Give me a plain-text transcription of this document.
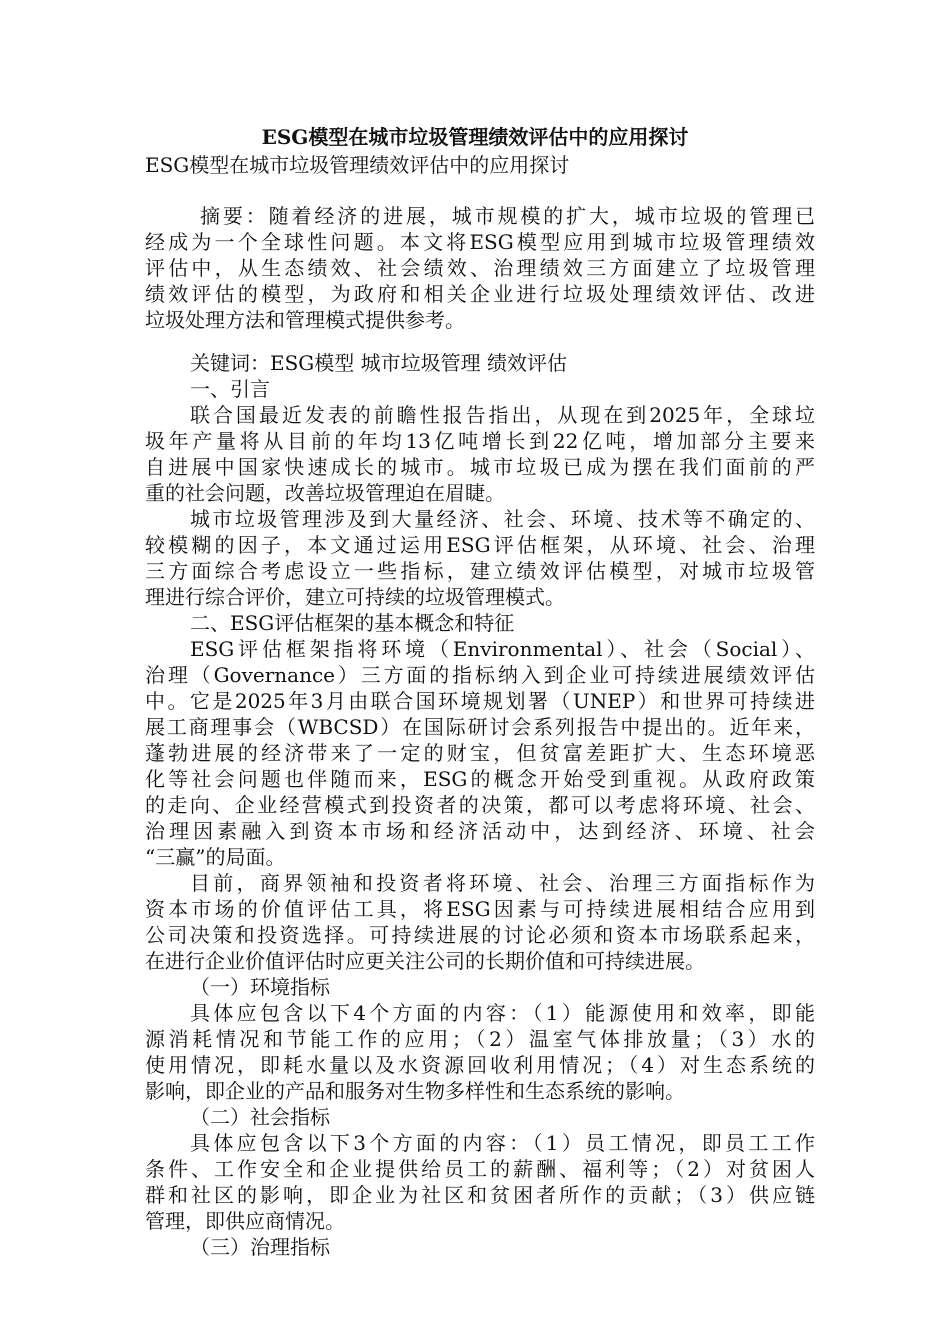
ESG模型在城市垃圾管理绩效评估中的应用探讨
ESG模型在城市垃圾管理绩效评估中的应用探讨
摘要：随着经济的进展，城市规模的扩大，城市垃圾的管理已
经成为一个全球性问题。本文将ESG模型应用到城市垃圾管理绩效
评估中，从生态绩效、社会绩效、治理绩效三方面建立了垃圾管理
绩效评估的模型，为政府和相关企业进行垃圾处理绩效评估、改进
垃圾处理方法和管理模式提供参考。
关键词：ESG模型 城市垃圾管理 绩效评估
一、引言
联合国最近发表的前瞻性报告指出，从现在到2025年，全球垃
圾年产量将从目前的年均13亿吨增长到22亿吨，增加部分主要来
自进展中国家快速成长的城市。城市垃圾已成为摆在我们面前的严
重的社会问题，改善垃圾管理迫在眉睫。
城市垃圾管理涉及到大量经济、社会、环境、技术等不确定的、
较模糊的因子，本文通过运用ESG评估框架，从环境、社会、治理
三方面综合考虑设立一些指标，建立绩效评估模型，对城市垃圾管
理进行综合评价，建立可持续的垃圾管理模式。
二、ESG评估框架的基本概念和特征
ESG评估框架指将环境（Environmental）、社会（Social）、
治理（Governance）三方面的指标纳入到企业可持续进展绩效评估
中。它是2025年3月由联合国环境规划署（UNEP）和世界可持续进
展工商理事会（WBCSD）在国际研讨会系列报告中提出的。近年来，
蓬勃进展的经济带来了一定的财宝，但贫富差距扩大、生态环境恶
化等社会问题也伴随而来，ESG的概念开始受到重视。从政府政策
的走向、企业经营模式到投资者的决策，都可以考虑将环境、社会、
治理因素融入到资本市场和经济活动中，达到经济、环境、社会
“三赢”的局面。
目前，商界领袖和投资者将环境、社会、治理三方面指标作为
资本市场的价值评估工具，将ESG因素与可持续进展相结合应用到
公司决策和投资选择。可持续进展的讨论必须和资本市场联系起来，
在进行企业价值评估时应更关注公司的长期价值和可持续进展。
（一）环境指标
具体应包含以下4个方面的内容：（1）能源使用和效率，即能
源消耗情况和节能工作的应用；（2）温室气体排放量；（3）水的
使用情况，即耗水量以及水资源回收利用情况；（4）对生态系统的
影响，即企业的产品和服务对生物多样性和生态系统的影响。
（二）社会指标
具体应包含以下3个方面的内容：（1）员工情况，即员工工作
条件、工作安全和企业提供给员工的薪酬、福利等；（2）对贫困人
群和社区的影响，即企业为社区和贫困者所作的贡献；（3）供应链
管理，即供应商情况。
（三）治理指标
